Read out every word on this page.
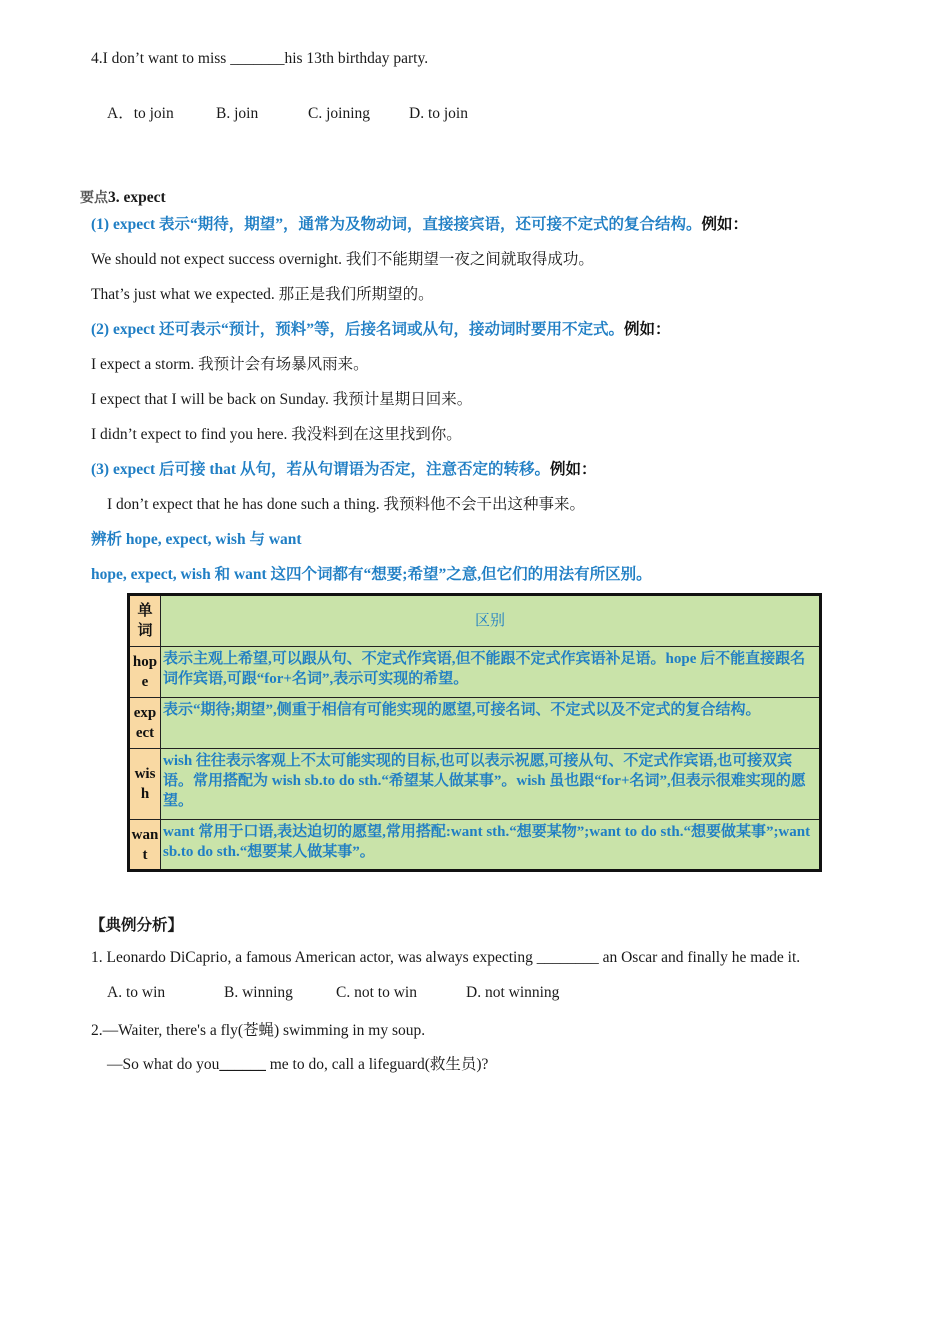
4.I don’t want to miss _______his 13th birthday party.
A．to join	B. join	C. joining	D. to join
要点3. expect
(1) expect 表示“期待，期望”，通常为及物动词，直接接宾语，还可接不定式的复合结构。例如：
We should not expect success overnight. 我们不能期望一夜之间就取得成功。
That’s just what we expected. 那正是我们所期望的。
(2) expect 还可表示“预计，预料”等，后接名词或从句，接动词时要用不定式。例如：
I expect a storm. 我预计会有场暴风雨来。
I expect that I will be back on Sunday. 我预计星期日回来。
I didn’t expect to find you here. 我没料到在这里找到你。
(3) expect 后可接 that 从句，若从句谓语为否定，注意否定的转移。例如：
I don’t expect that he has done such a thing. 我预料他不会干出这种事来。
辨析 hope, expect, wish 与 want
hope, expect, wish 和 want 这四个词都有“想要;希望”之意,但它们的用法有所区别。
单词	区别
hope	表示主观上希望,可以跟从句、不定式作宾语,但不能跟不定式作宾语补足语。hope 后不能直接跟名词作宾语,可跟“for+名词”,表示可实现的希望。
expect	表示“期待;期望”,侧重于相信有可能实现的愿望,可接名词、不定式以及不定式的复合结构。
wish	wish 往往表示客观上不太可能实现的目标,也可以表示祝愿,可接从句、不定式作宾语,也可接双宾语。常用搭配为 wish sb.to do sth.“希望某人做某事”。wish 虽也跟“for+名词”,但表示很难实现的愿望。
want	want 常用于口语,表达迫切的愿望,常用搭配:want sth.“想要某物”;want to do sth.“想要做某事”;want sb.to do sth.“想要某人做某事”。
【典例分析】
1. Leonardo DiCaprio, a famous American actor, was always expecting ________ an Oscar and finally he made it.
A. to win	B. winning	C. not to win	D. not winning
2.—Waiter, there's a fly(苍蝇) swimming in my soup.
—So what do you______ me to do, call a lifeguard(救生员)?
